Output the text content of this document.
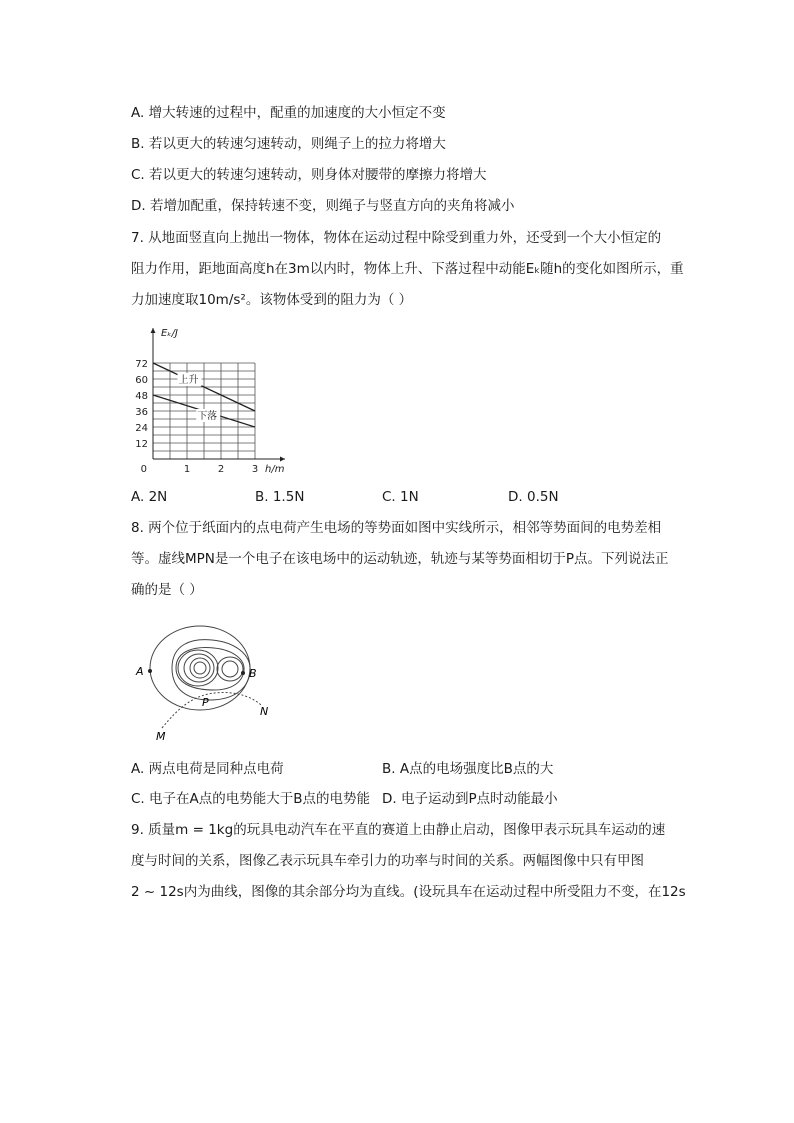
A. 增大转速的过程中，配重的加速度的大小恒定不变
B. 若以更大的转速匀速转动，则绳子上的拉力将增大
C. 若以更大的转速匀速转动，则身体对腰带的摩擦力将增大
D. 若增加配重，保持转速不变，则绳子与竖直方向的夹角将减小
7. 从地面竖直向上抛出一物体，物体在运动过程中除受到重力外，还受到一个大小恒定的
阻力作用，距地面高度h在3m以内时，物体上升、下落过程中动能Eₖ随h的变化如图所示，重
力加速度取10m/s²。该物体受到的阻力为（ ）
72
60
48
36
24
12
1	2	3
0
Eₖ/J
h/m
上升
下落
A. 2N	B. 1.5N	C. 1N	D. 0.5N
8. 两个位于纸面内的点电荷产生电场的等势面如图中实线所示，相邻等势面间的电势差相
等。虚线MPN是一个电子在该电场中的运动轨迹，轨迹与某等势面相切于P点。下列说法正
确的是（ ）
A	B
P
M
N
A. 两点电荷是同种点电荷	B. A点的电场强度比B点的大
C. 电子在A点的电势能大于B点的电势能 D. 电子运动到P点时动能最小
9. 质量m = 1kg的玩具电动汽车在平直的赛道上由静止启动，图像甲表示玩具车运动的速
度与时间的关系，图像乙表示玩具车牵引力的功率与时间的关系。两幅图像中只有甲图
2 ~ 12s内为曲线，图像的其余部分均为直线。(设玩具车在运动过程中所受阻力不变，在12s
